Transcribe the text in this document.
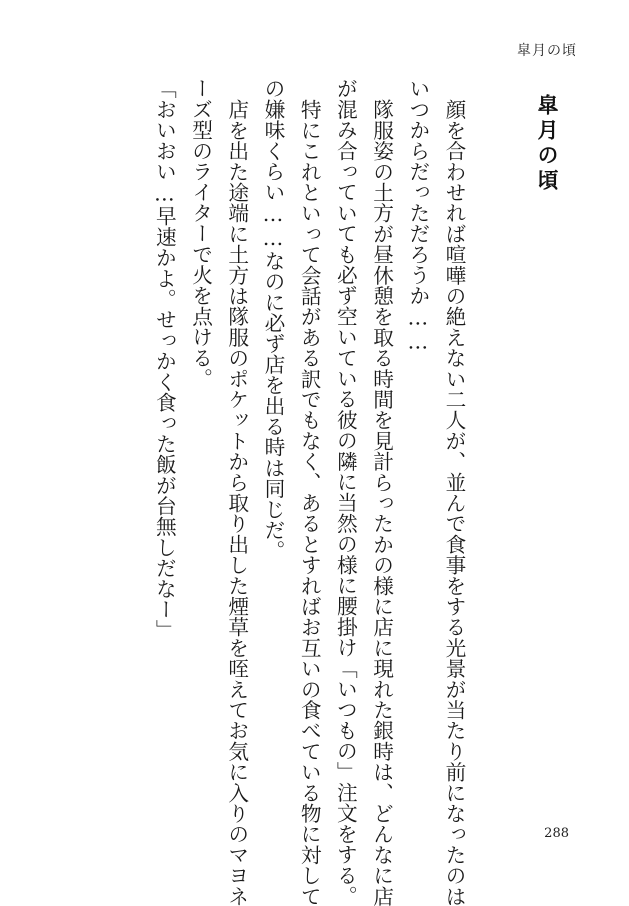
皐月の頃
皐月の頃
顔を合わせれば喧嘩の絶えない二人が、並んで食事をする光景が当たり前になったのは
いつからだっただろうか……
隊服姿の土方が昼休憩を取る時間を見計らったかの様に店に現れた銀時は、どんなに店
が混み合っていても必ず空いている彼の隣に当然の様に腰掛け「いつもの」注文をする。
特にこれといって会話がある訳でもなく、あるとすればお互いの食べている物に対して
の嫌味くらい……なのに必ず店を出る時は同じだ。
店を出た途端に土方は隊服のポケットから取り出した煙草を咥えてお気に入りのマヨネ
ーズ型のライターで火を点ける。
「おいおい…早速かよ。せっかく食った飯が台無しだなー」
288
